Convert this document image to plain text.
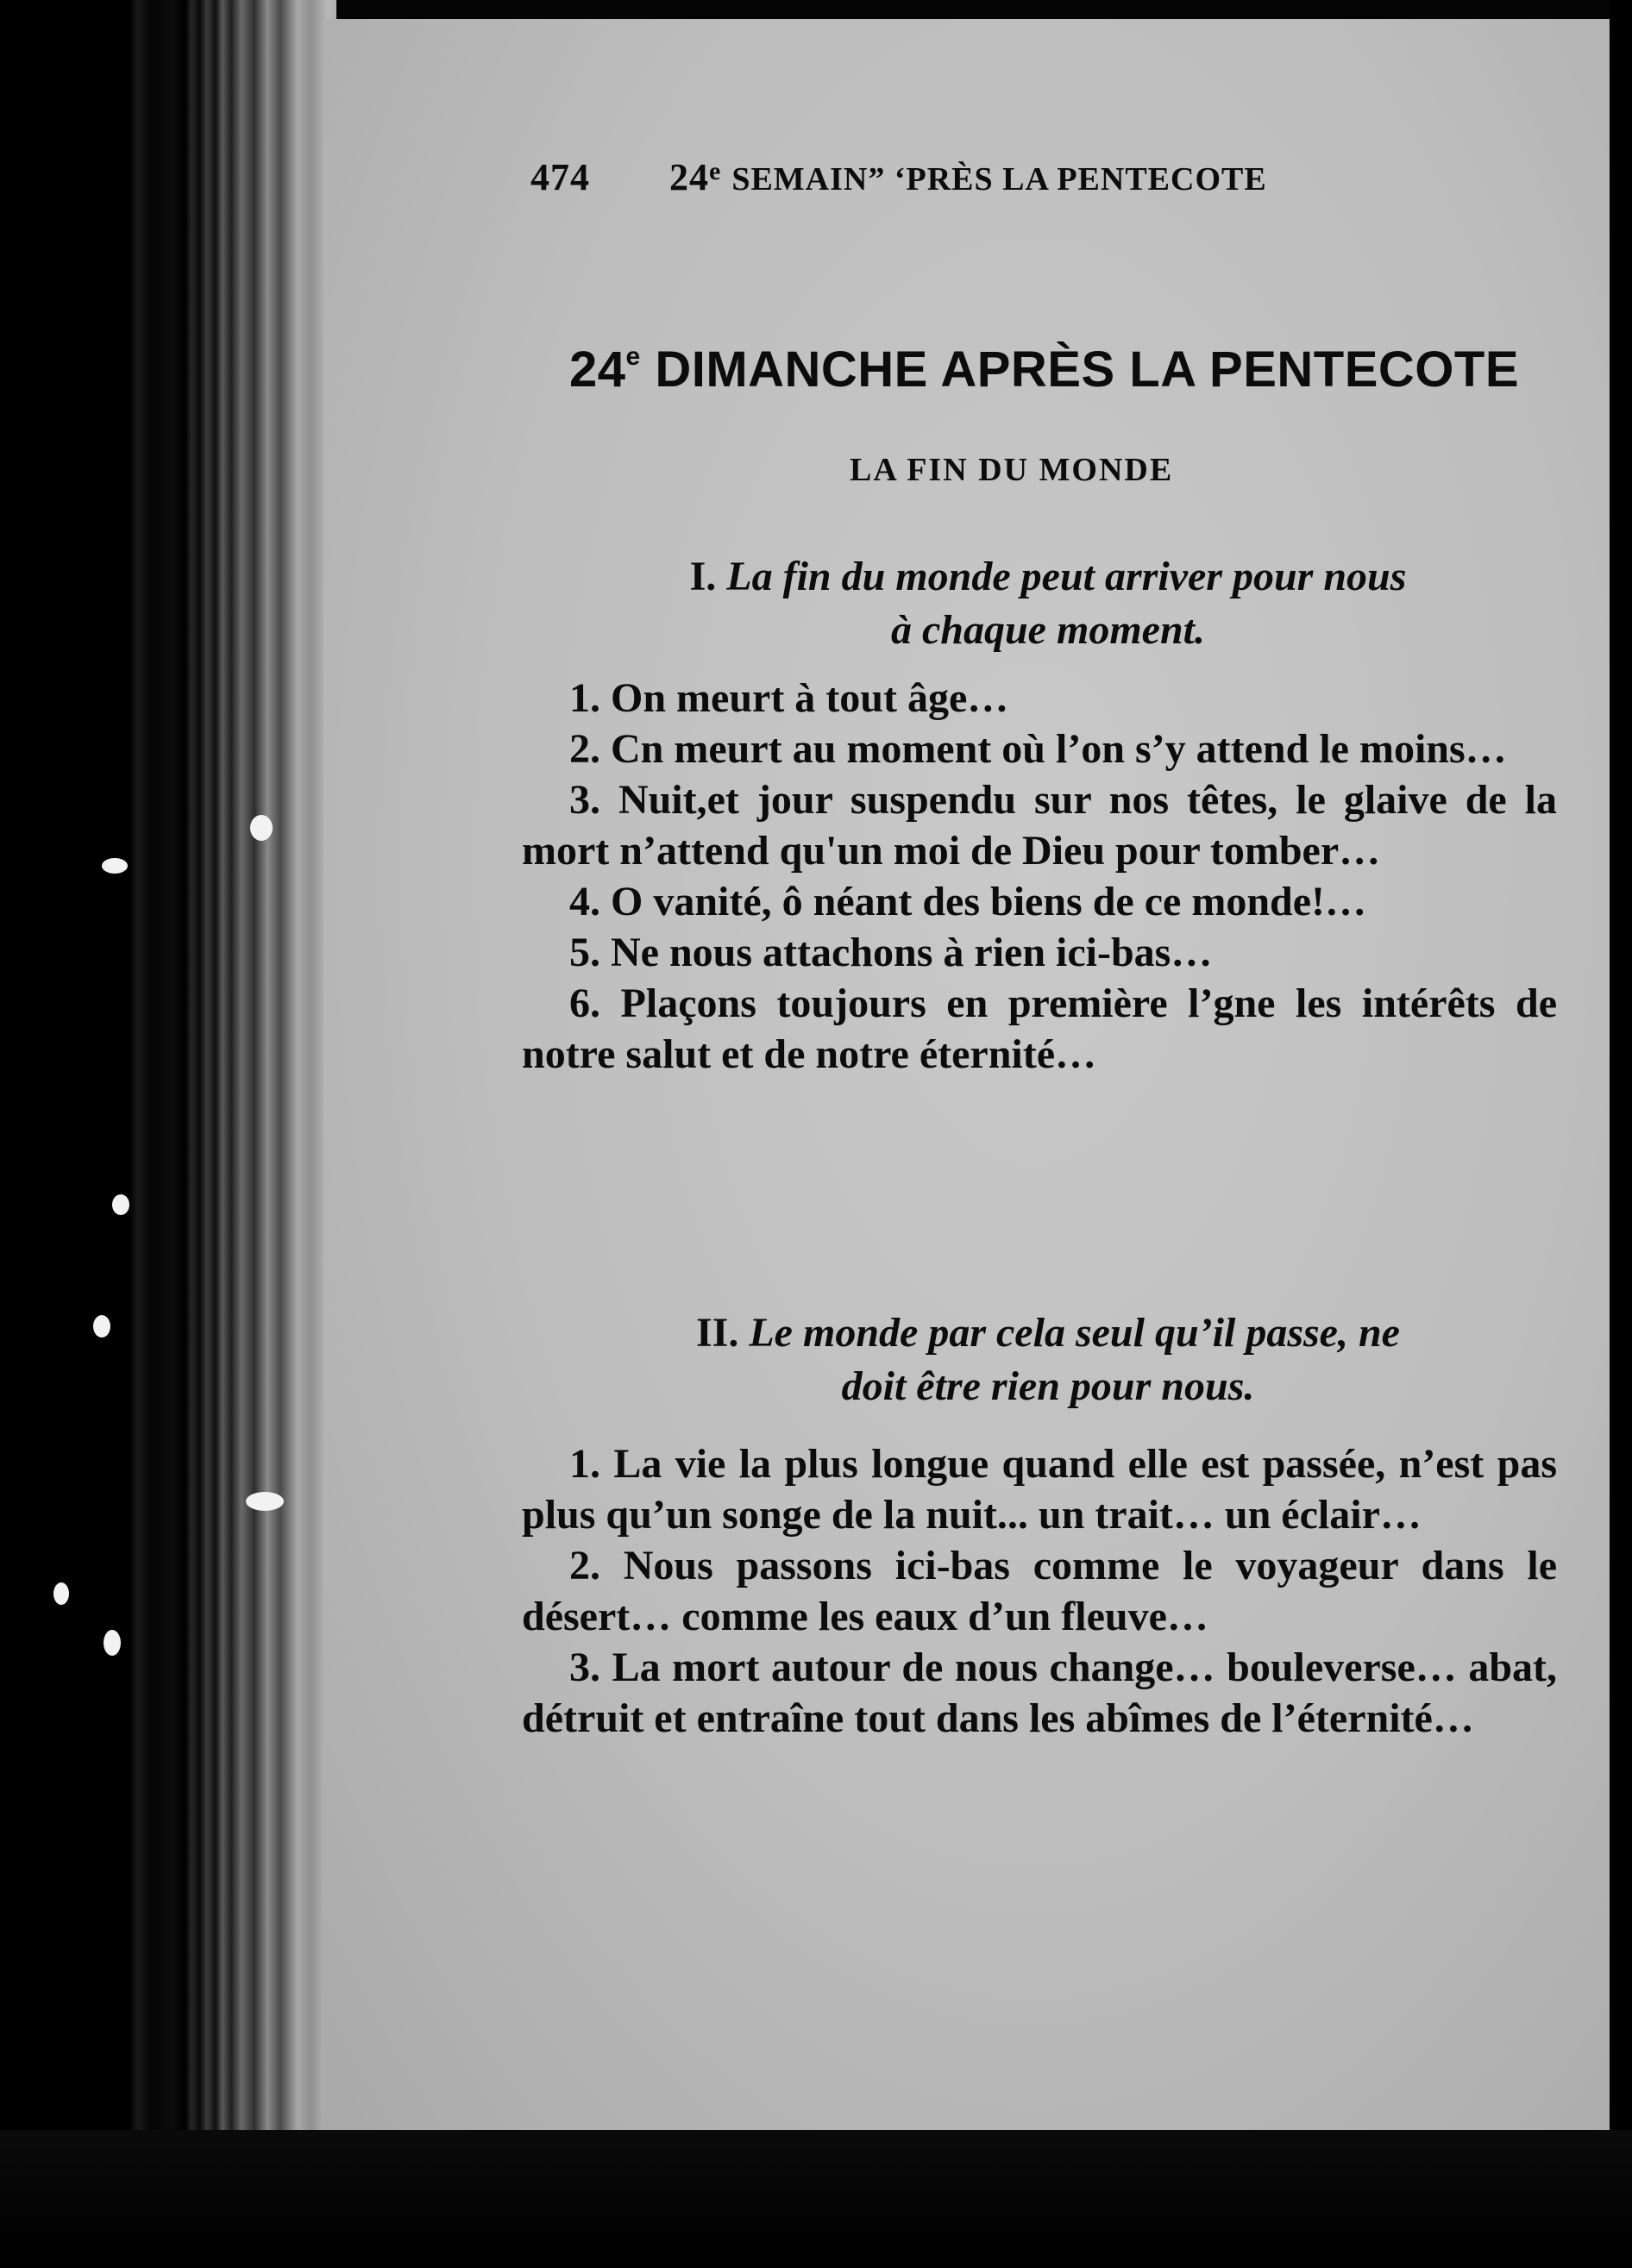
474 24e SEMAIN” ‘PRÈS LA PENTECOTE
24e DIMANCHE APRÈS LA PENTECOTE
LA FIN DU MONDE
I. La fin du monde peut arriver pour nous
à chaque moment.

1. On meurt à tout âge…

2. Cn meurt au moment où l’on s’y attend le moins…

3. Nuit,et jour suspendu sur nos têtes, le glaive de la mort n’attend qu'un moi de Dieu pour tomber…

4. O vanité, ô néant des biens de ce monde!…

5. Ne nous attachons à rien ici-bas…

6. Plaçons toujours en première l’gne les intérêts de notre salut et de notre éternité…

II. Le monde par cela seul qu’il passe, ne
doit être rien pour nous.

1. La vie la plus longue quand elle est passée, n’est pas plus qu’un songe de la nuit... un trait… un éclair…

2. Nous passons ici-bas comme le voyageur dans le désert… comme les eaux d’un fleuve…

3. La mort autour de nous change… bouleverse… abat, détruit et entraîne tout dans les abîmes de l’éternité…
